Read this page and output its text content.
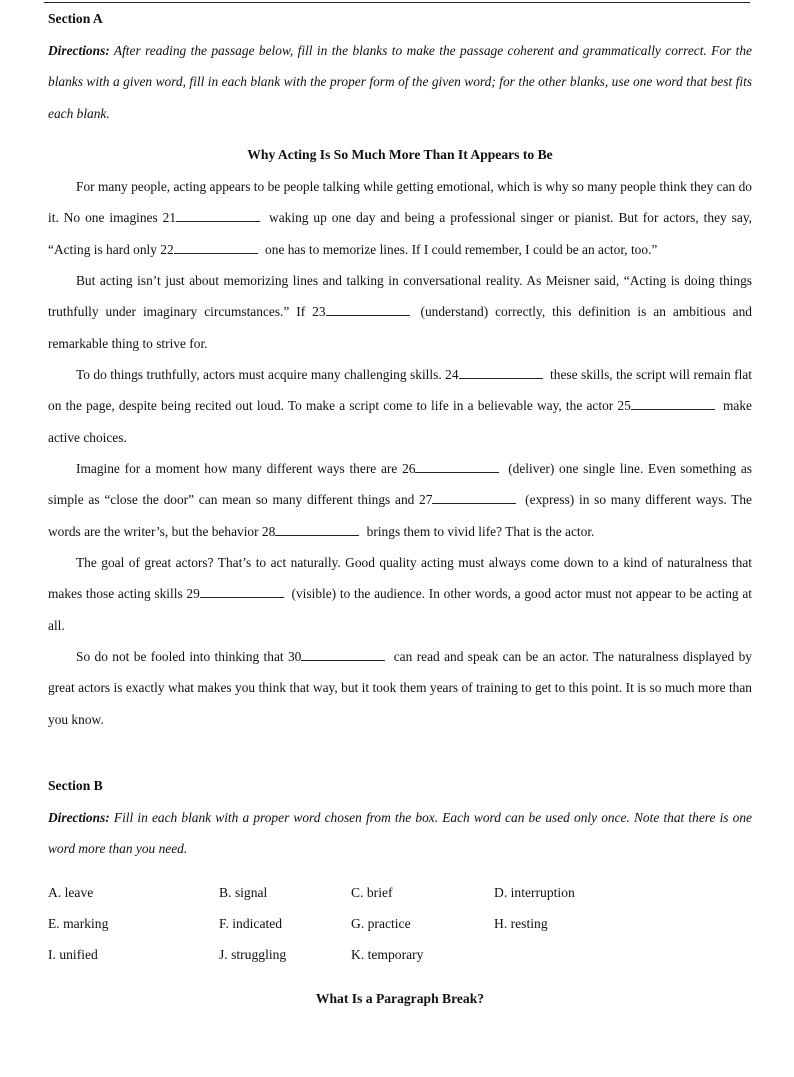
Section A
Directions: After reading the passage below, fill in the blanks to make the passage coherent and grammatically correct. For the blanks with a given word, fill in each blank with the proper form of the given word; for the other blanks, use one word that best fits each blank.
Why Acting Is So Much More Than It Appears to Be
For many people, acting appears to be people talking while getting emotional, which is why so many people think they can do it. No one imagines 21	waking up one day and being a professional singer or pianist. But for actors, they say, “Acting is hard only 22	one has to memorize lines. If I could remember, I could be an actor, too.”
But acting isn’t just about memorizing lines and talking in conversational reality. As Meisner said, “Acting is doing things truthfully under imaginary circumstances.” If 23	(understand) correctly, this definition is an ambitious and remarkable thing to strive for.
To do things truthfully, actors must acquire many challenging skills. 24	these skills, the script will remain flat on the page, despite being recited out loud. To make a script come to life in a believable way, the actor 25	make active choices.
Imagine for a moment how many different ways there are 26	(deliver) one single line. Even something as simple as “close the door” can mean so many different things and 27	(express) in so many different ways. The words are the writer’s, but the behavior 28	brings them to vivid life? That is the actor.
The goal of great actors? That’s to act naturally. Good quality acting must always come down to a kind of naturalness that makes those acting skills 29	(visible) to the audience. In other words, a good actor must not appear to be acting at all.
So do not be fooled into thinking that 30	can read and speak can be an actor. The naturalness displayed by great actors is exactly what makes you think that way, but it took them years of training to get to this point. It is so much more than you know.
Section B
Directions: Fill in each blank with a proper word chosen from the box. Each word can be used only once. Note that there is one word more than you need.
A. leave	B. signal	C. brief	D. interruption
E. marking	F. indicated	G. practice	H. resting
I. unified	J. struggling	K. temporary
What Is a Paragraph Break?
